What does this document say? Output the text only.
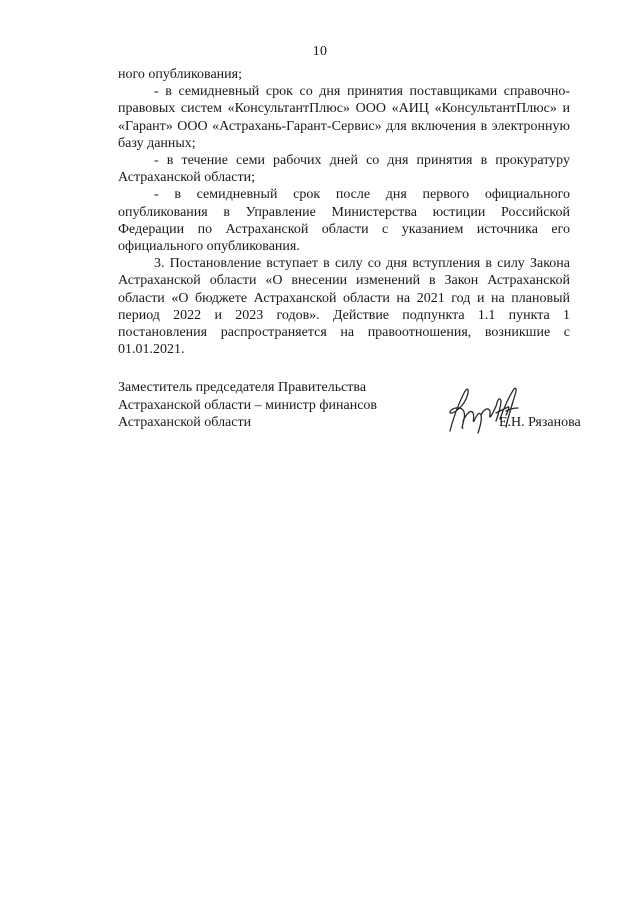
10

ного опубликования;

- в семидневный срок со дня принятия поставщиками справочно-правовых систем «КонсультантПлюс» ООО «АИЦ «КонсультантПлюс» и «Гарант» ООО «Астрахань-Гарант-Сервис» для включения в электронную базу данных;

- в течение семи рабочих дней со дня принятия в прокуратуру Астраханской области;

- в семидневный срок после дня первого официального опубликования в Управление Министерства юстиции Российской Федерации по Астраханской области с указанием источника его официального опубликования.

3. Постановление вступает в силу со дня вступления в силу Закона Астраханской области «О внесении изменений в Закон Астраханской области «О бюджете Астраханской области на 2021 год и на плановый период 2022 и 2023 годов». Действие подпункта 1.1 пункта 1 постановления распространяется на правоотношения, возникшие с 01.01.2021.

Заместитель председателя Правительства
Астраханской области – министр финансов
Астраханской области	Е.Н. Рязанова
